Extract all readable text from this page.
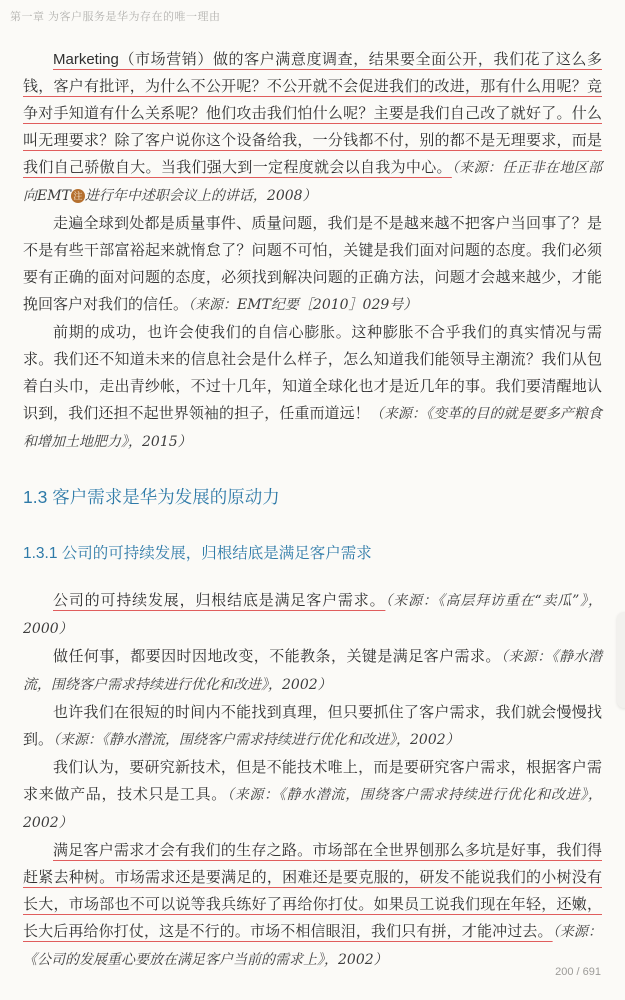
第一章 为客户服务是华为存在的唯一理由

Marketing（市场营销）做的客户满意度调查，结果要全面公开，我们花了这么多钱，客户有批评，为什么不公开呢？不公开就不会促进我们的改进，那有什么用呢？竞争对手知道有什么关系呢？他们攻击我们怕什么呢？主要是我们自己改了就好了。什么叫无理要求？除了客户说你这个设备给我，一分钱都不付，别的都不是无理要求，而是我们自己骄傲自大。当我们强大到一定程度就会以自我为中心。（来源：任正非在地区部向EMT 注 进行年中述职会议上的讲话，2008）

走遍全球到处都是质量事件、质量问题，我们是不是越来越不把客户当回事了？是不是有些干部富裕起来就惰怠了？问题不可怕，关键是我们面对问题的态度。我们必须要有正确的面对问题的态度，必须找到解决问题的正确方法，问题才会越来越少，才能挽回客户对我们的信任。（来源：EMT纪要［2010］029号）

前期的成功，也许会使我们的自信心膨胀。这种膨胀不合乎我们的真实情况与需求。我们还不知道未来的信息社会是什么样子，怎么知道我们能领导主潮流？我们从包着白头巾，走出青纱帐，不过十几年，知道全球化也才是近几年的事。我们要清醒地认识到，我们还担不起世界领袖的担子，任重而道远！（来源：《变革的目的就是要多产粮食和增加土地肥力》，2015）

1.3 客户需求是华为发展的原动力
1.3.1 公司的可持续发展，归根结底是满足客户需求

公司的可持续发展，归根结底是满足客户需求。（来源：《高层拜访重在“卖瓜”》，2000）

做任何事，都要因时因地改变，不能教条，关键是满足客户需求。（来源：《静水潜流，围绕客户需求持续进行优化和改进》，2002）

也许我们在很短的时间内不能找到真理，但只要抓住了客户需求，我们就会慢慢找到。（来源：《静水潜流，围绕客户需求持续进行优化和改进》，2002）

我们认为，要研究新技术，但是不能技术唯上，而是要研究客户需求，根据客户需求来做产品，技术只是工具。（来源：《静水潜流，围绕客户需求持续进行优化和改进》，2002）

满足客户需求才会有我们的生存之路。市场部在全世界刨那么多坑是好事，我们得赶紧去种树。市场需求还是要满足的，困难还是要克服的，研发不能说我们的小树没有长大，市场部也不可以说等我兵练好了再给你打仗。如果员工说我们现在年轻，还嫩，长大后再给你打仗，这是不行的。市场不相信眼泪，我们只有拼，才能冲过去。（来源：《公司的发展重心要放在满足客户当前的需求上》，2002）

200 / 691
